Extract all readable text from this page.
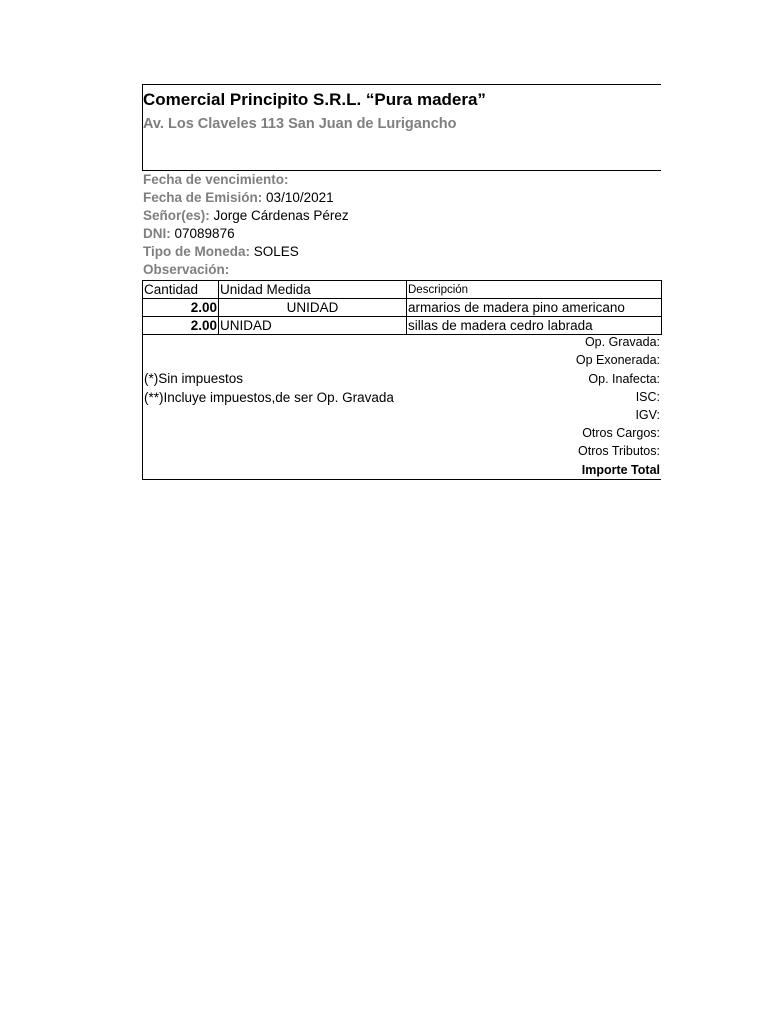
Comercial Principito S.R.L. “Pura madera”
Av. Los Claveles 113 San Juan de Lurigancho
Fecha de vencimiento:
Fecha de Emisión: 03/10/2021
Señor(es): Jorge Cárdenas Pérez
DNI: 07089876
Tipo de Moneda: SOLES
Observación:
Cantidad	Unidad Medida	Descripción
2.00	UNIDAD	armarios de madera pino americano
2.00	UNIDAD	sillas de madera cedro labrada
(*)Sin impuestos
(**)Incluye impuestos,de ser Op. Gravada
Op. Gravada:
Op Exonerada:
Op. Inafecta:
ISC:
IGV:
Otros Cargos:
Otros Tributos:
Importe Total
